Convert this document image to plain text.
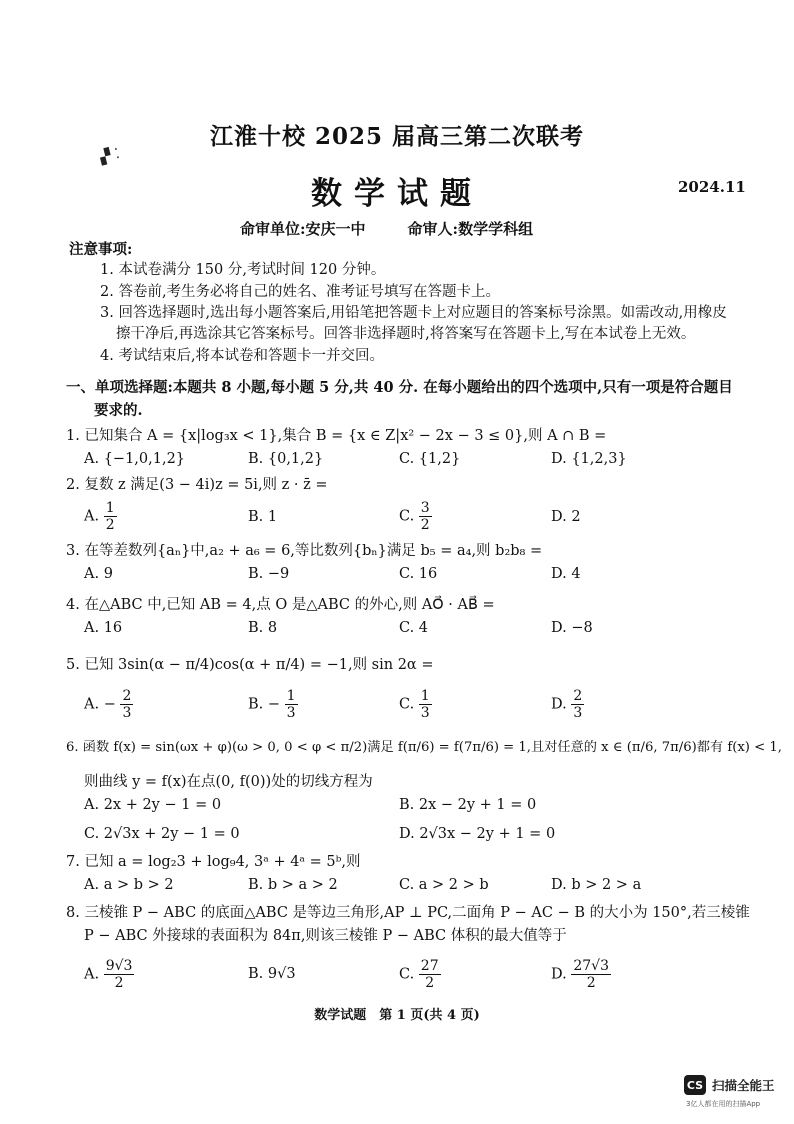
▞ ⁚
江淮十校 2025 届高三第二次联考
数学试题	2024.11
命审单位:安庆一中	命审人:数学学科组
注意事项:
1. 本试卷满分 150 分,考试时间 120 分钟。
2. 答卷前,考生务必将自己的姓名、准考证号填写在答题卡上。
3. 回答选择题时,选出每小题答案后,用铅笔把答题卡上对应题目的答案标号涂黑。如需改动,用橡皮
擦干净后,再选涂其它答案标号。回答非选择题时,将答案写在答题卡上,写在本试卷上无效。
4. 考试结束后,将本试卷和答题卡一并交回。
一、单项选择题:本题共 8 小题,每小题 5 分,共 40 分. 在每小题给出的四个选项中,只有一项是符合题目
要求的.
1. 已知集合 A = {x|log₃x < 1},集合 B = {x ∈ Z|x² − 2x − 3 ≤ 0},则 A ∩ B =
A. {−1,0,1,2}	B. {0,1,2}	C. {1,2}	D. {1,2,3}
2. 复数 z 满足(3 − 4i)z = 5i,则 z · z̄ =
A. $\frac{1}{2}$	B. 1	C. $\frac{3}{2}$	D. 2
3. 在等差数列{aₙ}中,a₂ + a₆ = 6,等比数列{bₙ}满足 b₅ = a₄,则 b₂b₈ =
A. 9	B. −9	C. 16	D. 4
4. 在△ABC 中,已知 AB = 4,点 O 是△ABC 的外心,则 AO⃗ · AB⃗ =
A. 16	B. 8	C. 4	D. −8
5. 已知 3sin(α − π/4)cos(α + π/4) = −1,则 sin 2α =
A. − $\frac{2}{3}$	B. − $\frac{1}{3}$	C. $\frac{1}{3}$	D. $\frac{2}{3}$
6. 函数 f(x) = sin(ωx + φ)(ω > 0, 0 < φ < π/2)满足 f(π/6) = f(7π/6) = 1,且对任意的 x ∈ (π/6, 7π/6)都有 f(x) < 1,
则曲线 y = f(x)在点(0, f(0))处的切线方程为
A. 2x + 2y − 1 = 0	B. 2x − 2y + 1 = 0
C. 2√3x + 2y − 1 = 0	D. 2√3x − 2y + 1 = 0
7. 已知 a = log₂3 + log₉4, 3ᵃ + 4ᵃ = 5ᵇ,则
A. a > b > 2	B. b > a > 2	C. a > 2 > b	D. b > 2 > a
8. 三棱锥 P − ABC 的底面△ABC 是等边三角形,AP ⊥ PC,二面角 P − AC − B 的大小为 150°,若三棱锥
P − ABC 外接球的表面积为 84π,则该三棱锥 P − ABC 体积的最大值等于
A. $\frac{9√3}{2}$	B. 9√3	C. $\frac{27}{2}$	D. $\frac{27√3}{2}$
数学试题　第 1 页(共 4 页)
CS 扫描全能王
3亿人都在用的扫描App
